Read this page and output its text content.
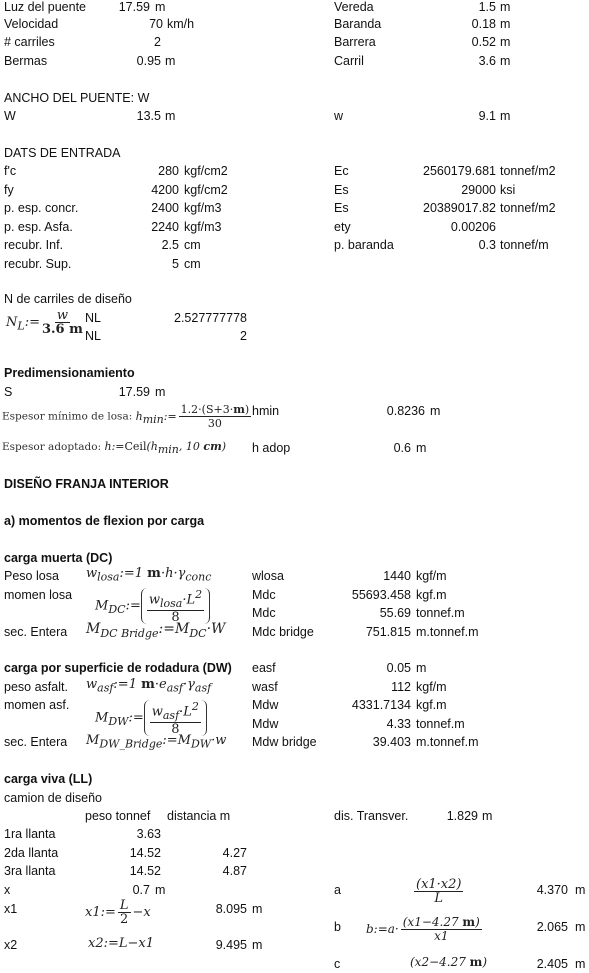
Luz del puente	17.59 m	Vereda	1.5 m
Velocidad	70 km/h	Baranda	0.18 m
# carriles	2	Barrera	0.52 m
Bermas	0.95 m	Carril	3.6 m
ANCHO DEL PUENTE: W
W	13.5 m	w	9.1 m
DATS DE ENTRADA
f'c	280 kgf/cm2	Ec	2560179.681 tonnef/m2
fy	4200 kgf/cm2	Es	29000 ksi
p. esp. concr.	2400 kgf/m3	Es	20389017.82 tonnef/m2
p. esp. Asfa.	2240 kgf/m3	ety	0.00206
recubr. Inf.	2.5 cm	p. baranda	0.3 tonnef/m
recubr. Sup.	5 cm
N de carriles de diseño
$N_L:= \frac{w}{3.6 m}$ NL	2.527777778
NL	2
Predimensionamiento
S	17.59 m
Espesor mínimo de losa: $h_{min}:= \frac{1.2\cdot(S+3\cdot m)}{30}$ hmin	0.8236 m
Espesor adoptado: $h:=Ceil(h_{min}$, 10 cm) h adop	0.6 m
DISEÑO FRANJA INTERIOR
a) momentos de flexion por carga
carga muerta (DC)
Peso losa $w_{losa}:=1$ $m\cdot h\cdot\gamma_{conc}$	wlosa	1440 kgf/m
momen losa
$M_{DC}:= \frac{w_{losa}\cdot L^2}{8}$	Mdc	55693.458 kgf.m
Mdc	55.69 tonnef.m
sec. Entera $M_{DC Bridge}:=M_{DC}\cdot W$ Mdc bridge	751.815 m.tonnef.m
carga por superficie de rodadura (DW) easf	0.05 m
peso asfalt. $w_{asf}:=1$ $m\cdot e_{asf}\cdot\gamma_{asf}$	wasf	112 kgf/m
momen asf.
$M_{DW}:= \frac{w_{asf}\cdot L^2}{8}$	Mdw	4331.7134 kgf.m
Mdw	4.33 tonnef.m
sec. Entera $M_{DW\_Bridge}:=M_{DW}\cdot w$ Mdw bridge	39.403 m.tonnef.m
carga viva (LL)
camion de diseño
peso tonnef distancia m	dis. Transver.	1.829 m
1ra llanta	3.63
2da llanta	14.52	4.27
3ra llanta	14.52	4.87
x	0.7 m	a	$\frac{(x1\cdot x2)}{L}$	4.370 m
x1	x1:= $\frac{L}{2} -x$	8.095 m
b b:=a· $\frac{(x1-4.27 m)}{x1}$	2.065 m
x2	x2:=L−x1	9.495 m
c	(x2−4.27 m)	2.405 m
